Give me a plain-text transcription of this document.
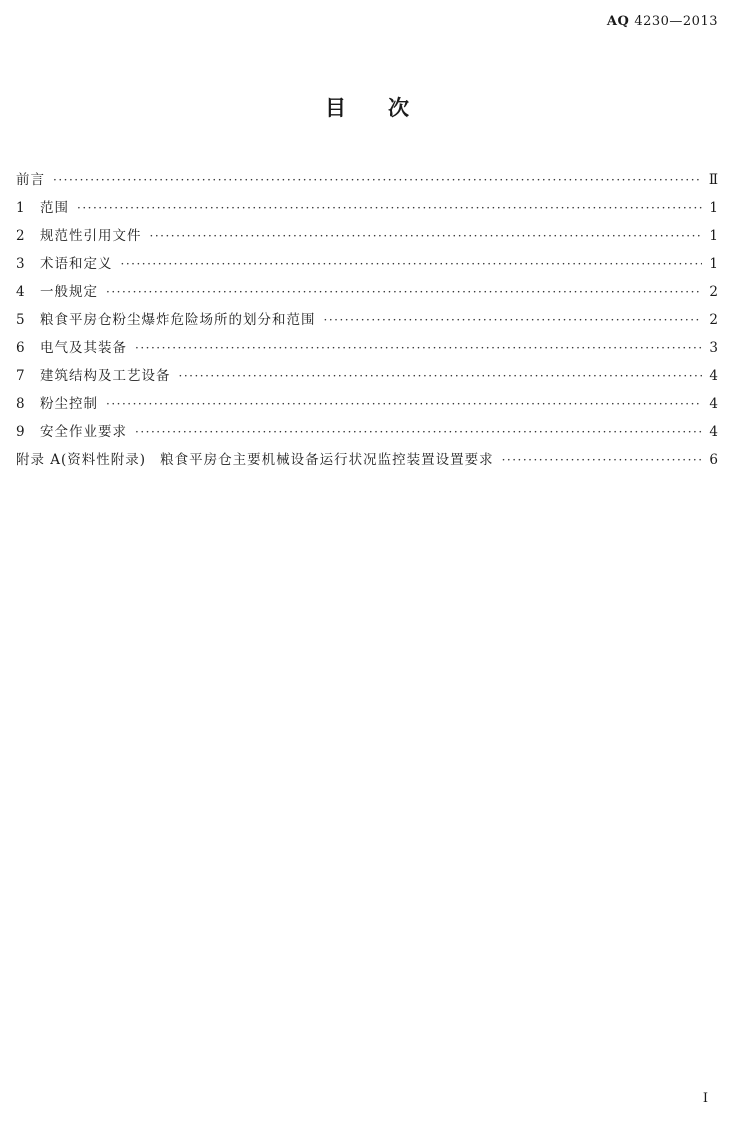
AQ 4230—2013
目次
前言 ·····	Ⅱ
1	范围 ·····	1
2	规范性引用文件 ·····	1
3	术语和定义 ·····	1
4	一般规定 ·····	2
5	粮食平房仓粉尘爆炸危险场所的划分和范围 ·····	2
6	电气及其装备 ·····	3
7	建筑结构及工艺设备 ·····	4
8	粉尘控制 ·····	4
9	安全作业要求 ·····	4
附录 A(资料性附录) 粮食平房仓主要机械设备运行状况监控装置设置要求 ·····	6
I
